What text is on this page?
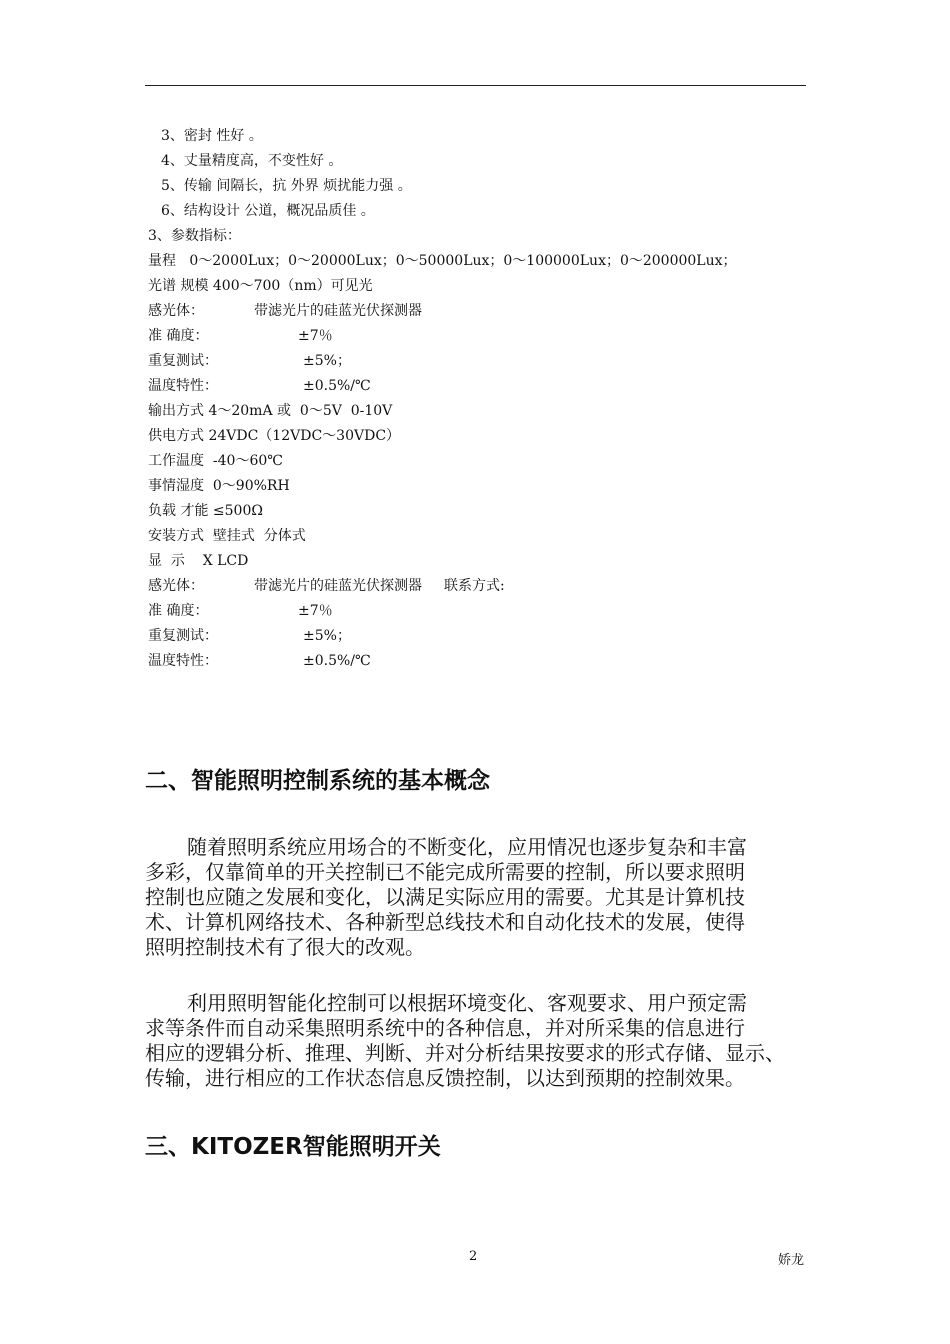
3、密封 性好 。
4、丈量精度高，不变性好 。
5、传输 间隔长，抗 外界 烦扰能力强 。
6、结构设计 公道，概况品质佳 。
3、参数指标：
量程   0～2000Lux；0～20000Lux；0～50000Lux；0～100000Lux；0～200000Lux；
光谱 规模 400～700（nm）可见光
感光体：	带滤光片的硅蓝光伏探测器
准 确度：	±7％
重复测试：	±5%；
温度特性：	±0.5%/℃
输出方式 4～20mA 或  0～5V  0-10V
供电方式 24VDC（12VDC～30VDC）
工作温度  -40～60℃
事情湿度  0～90%RH
负载 才能 ≤500Ω
安装方式  壁挂式  分体式
显  示    X LCD
感光体：	带滤光片的硅蓝光伏探测器 联系方式:
准 确度：	±7％
重复测试：	±5%；
温度特性：	±0.5%/℃
二、智能照明控制系统的基本概念
随着照明系统应用场合的不断变化，应用情况也逐步复杂和丰富
多彩，仅靠简单的开关控制已不能完成所需要的控制，所以要求照明
控制也应随之发展和变化，以满足实际应用的需要。尤其是计算机技
术、计算机网络技术、各种新型总线技术和自动化技术的发展，使得
照明控制技术有了很大的改观。
利用照明智能化控制可以根据环境变化、客观要求、用户预定需
求等条件而自动采集照明系统中的各种信息，并对所采集的信息进行
相应的逻辑分析、推理、判断、并对分析结果按要求的形式存储、显示、
传输，进行相应的工作状态信息反馈控制，以达到预期的控制效果。
三、KITOZER智能照明开关
2	娇龙
